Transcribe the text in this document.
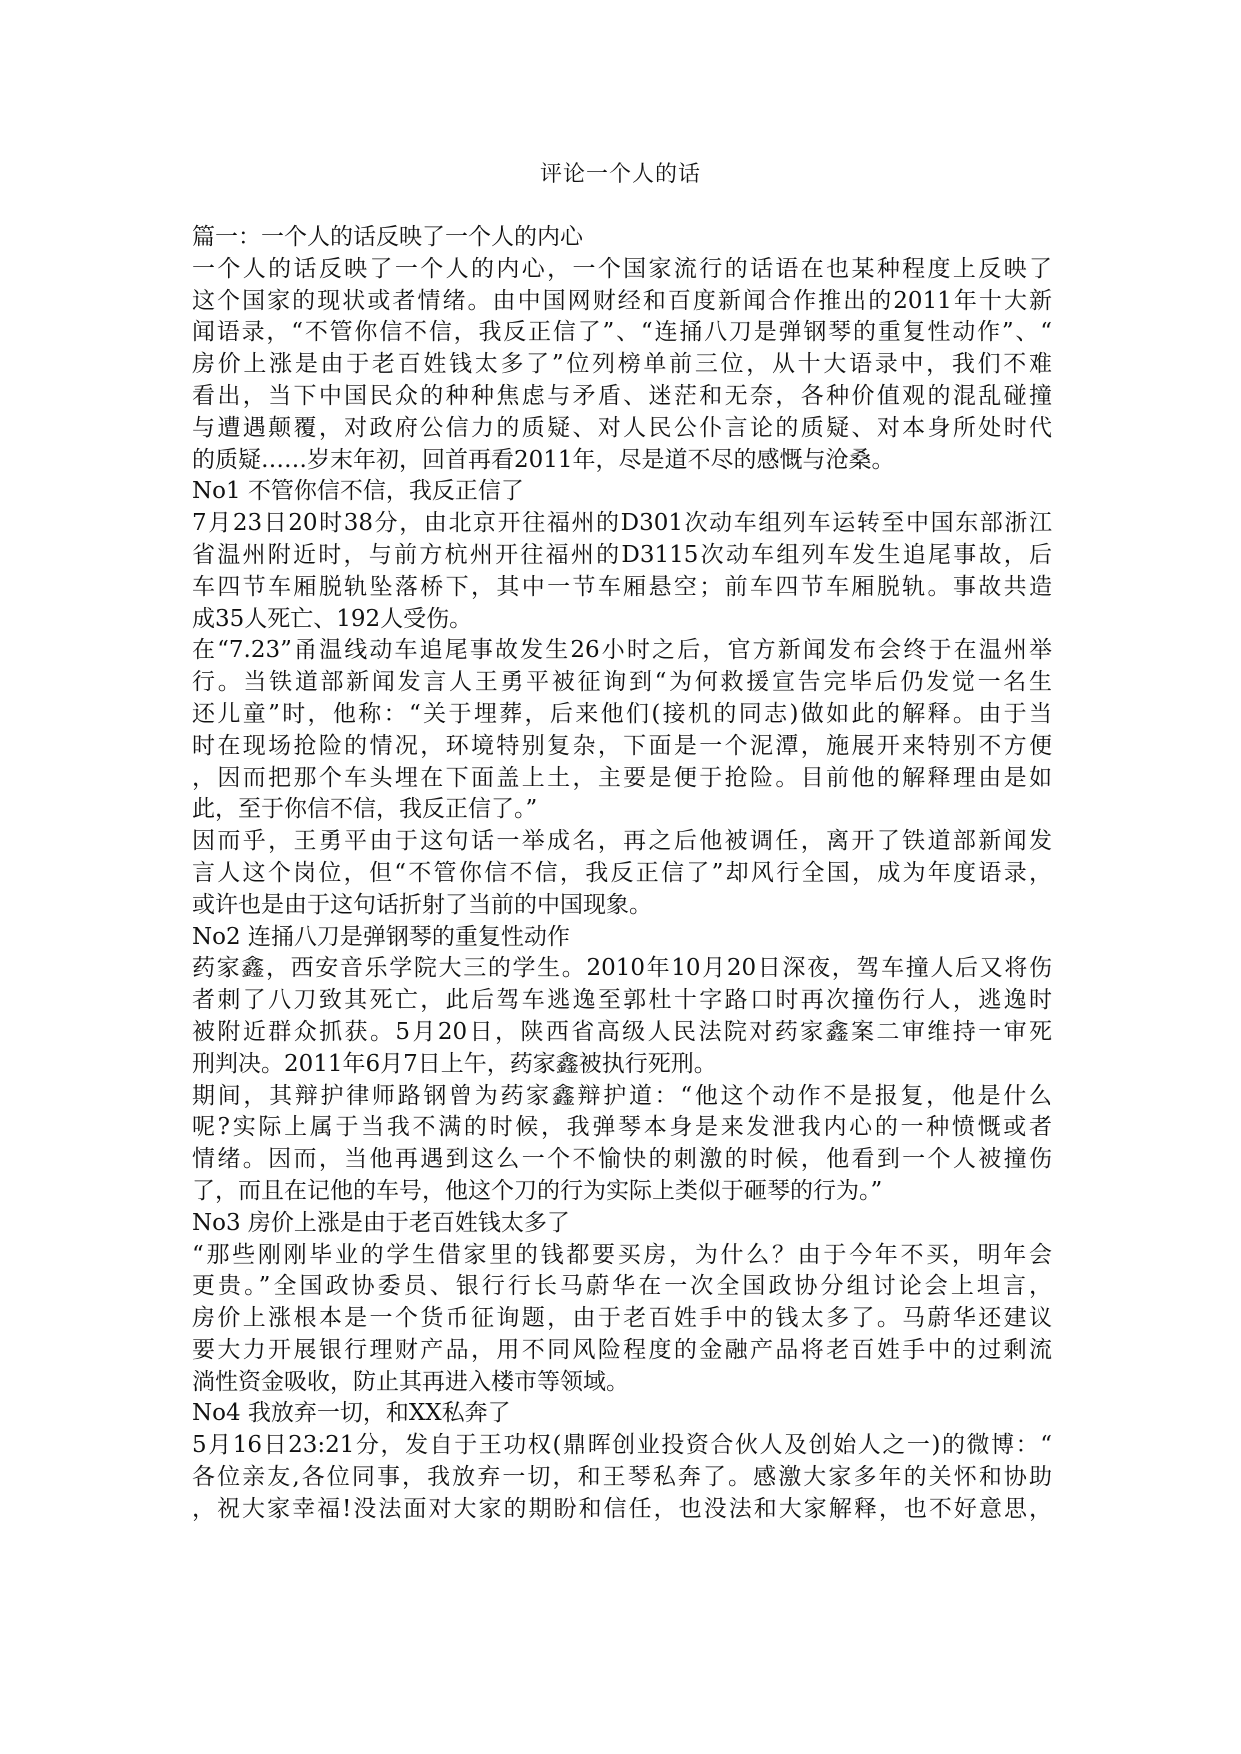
评论一个人的话
篇一：一个人的话反映了一个人的内心
一个人的话反映了一个人的内心，一个国家流行的话语在也某种程度上反映了
这个国家的现状或者情绪。由中国网财经和百度新闻合作推出的2011年十大新
闻语录，“不管你信不信，我反正信了”、“连捅八刀是弹钢琴的重复性动作”、“
房价上涨是由于老百姓钱太多了”位列榜单前三位，从十大语录中，我们不难
看出，当下中国民众的种种焦虑与矛盾、迷茫和无奈，各种价值观的混乱碰撞
与遭遇颠覆，对政府公信力的质疑、对人民公仆言论的质疑、对本身所处时代
的质疑……岁末年初，回首再看2011年，尽是道不尽的感慨与沧桑。
No1 不管你信不信，我反正信了
7月23日20时38分，由北京开往福州的D301次动车组列车运转至中国东部浙江
省温州附近时，与前方杭州开往福州的D3115次动车组列车发生追尾事故，后
车四节车厢脱轨坠落桥下，其中一节车厢悬空；前车四节车厢脱轨。事故共造
成35人死亡、192人受伤。
在“7.23”甬温线动车追尾事故发生26小时之后，官方新闻发布会终于在温州举
行。当铁道部新闻发言人王勇平被征询到“为何救援宣告完毕后仍发觉一名生
还儿童”时，他称：“关于埋葬，后来他们(接机的同志)做如此的解释。由于当
时在现场抢险的情况，环境特别复杂，下面是一个泥潭，施展开来特别不方便
，因而把那个车头埋在下面盖上土，主要是便于抢险。目前他的解释理由是如
此，至于你信不信，我反正信了。”
因而乎，王勇平由于这句话一举成名，再之后他被调任，离开了铁道部新闻发
言人这个岗位，但“不管你信不信，我反正信了”却风行全国，成为年度语录，
或许也是由于这句话折射了当前的中国现象。
No2 连捅八刀是弹钢琴的重复性动作
药家鑫，西安音乐学院大三的学生。2010年10月20日深夜，驾车撞人后又将伤
者刺了八刀致其死亡，此后驾车逃逸至郭杜十字路口时再次撞伤行人，逃逸时
被附近群众抓获。5月20日，陕西省高级人民法院对药家鑫案二审维持一审死
刑判决。2011年6月7日上午，药家鑫被执行死刑。
期间，其辩护律师路钢曾为药家鑫辩护道：“他这个动作不是报复，他是什么
呢?实际上属于当我不满的时候，我弹琴本身是来发泄我内心的一种愤慨或者
情绪。因而，当他再遇到这么一个不愉快的刺激的时候，他看到一个人被撞伤
了，而且在记他的车号，他这个刀的行为实际上类似于砸琴的行为。”
No3 房价上涨是由于老百姓钱太多了
“那些刚刚毕业的学生借家里的钱都要买房，为什么？由于今年不买，明年会
更贵。”全国政协委员、银行行长马蔚华在一次全国政协分组讨论会上坦言，
房价上涨根本是一个货币征询题，由于老百姓手中的钱太多了。马蔚华还建议
要大力开展银行理财产品，用不同风险程度的金融产品将老百姓手中的过剩流
淌性资金吸收，防止其再进入楼市等领域。
No4 我放弃一切，和XX私奔了
5月16日23:21分，发自于王功权(鼎晖创业投资合伙人及创始人之一)的微博：“
各位亲友,各位同事，我放弃一切，和王琴私奔了。感激大家多年的关怀和协助
，祝大家幸福!没法面对大家的期盼和信任，也没法和大家解释，也不好意思，
